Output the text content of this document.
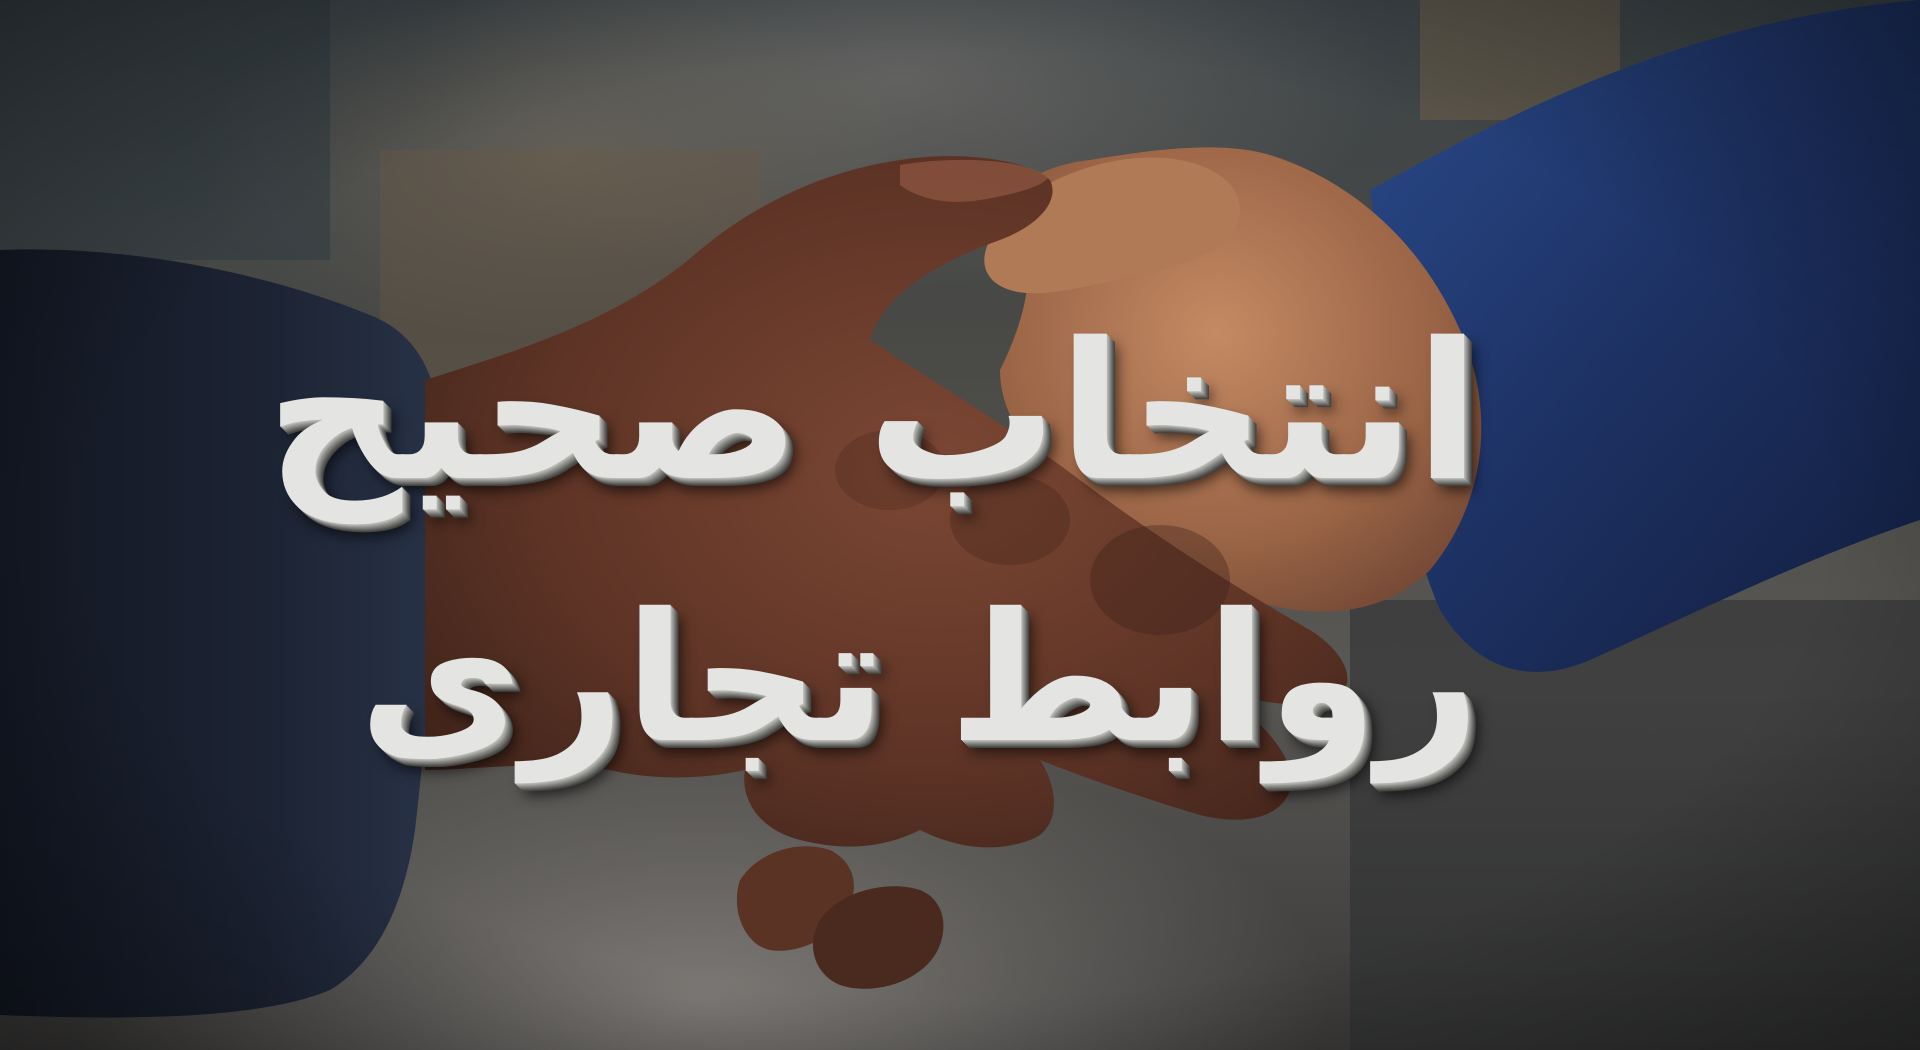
انتخاب صحیح
روابط تجاری
